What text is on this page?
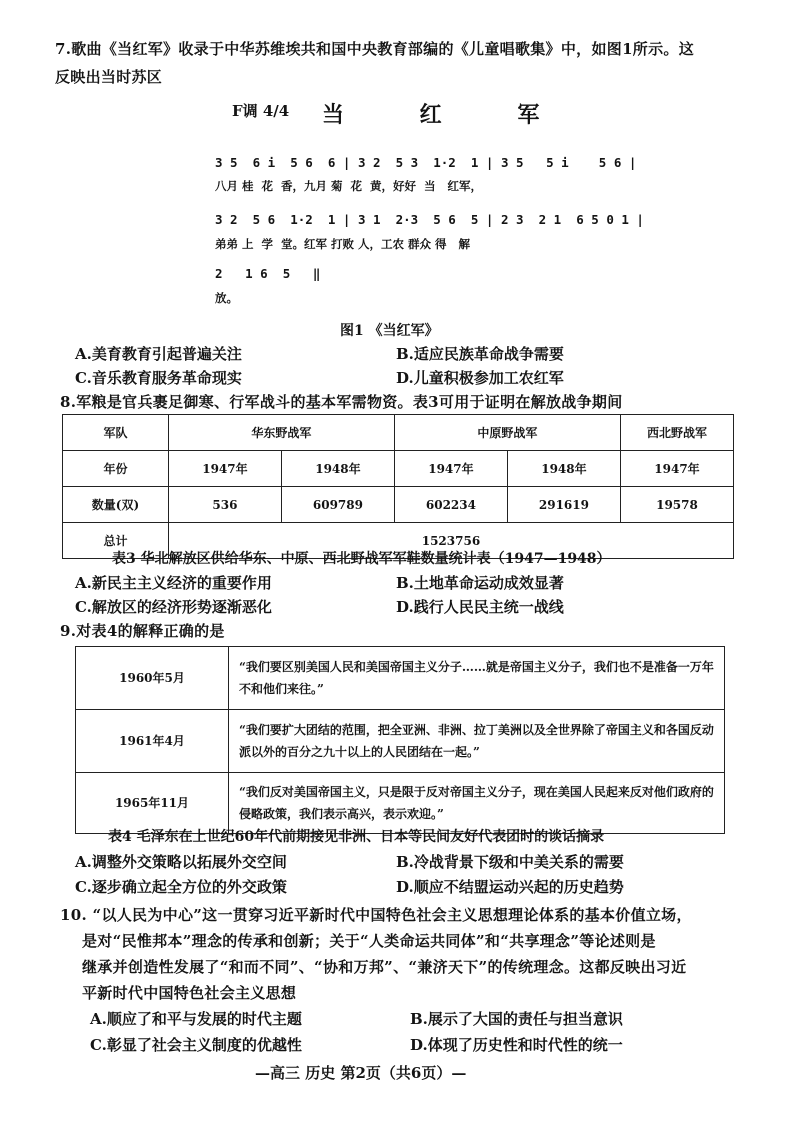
7.歌曲《当红军》收录于中华苏维埃共和国中央教育部编的《儿童唱歌集》中，如图1所示。这
反映出当时苏区
F调 4/4 当 红 军
3 5  6 i  5 6  6 | 3 2  5 3  1·2  1 | 3 5   5 i    5 6 |
八月 桂  花  香，九月 菊  花  黄，好好  当   红军，
3 2  5 6  1·2  1 | 3 1  2·3  5 6  5 | 2 3  2 1  6 5 0 1 |
弟弟 上  学  堂。红军 打败 人，工农 群众 得   解
2   1 6  5   ‖
放。
图1 《当红军》
A.美育教育引起普遍关注	B.适应民族革命战争需要
C.音乐教育服务革命现实	D.儿童积极参加工农红军
8.军粮是官兵裹足御寒、行军战斗的基本军需物资。表3可用于证明在解放战争期间
军队	华东野战军		中原野战军		西北野战军
年份	1947年	1948年	1947年	1948年	1947年
数量(双)	536	609789	602234	291619	19578
总计	1523756				
表3 华北解放区供给华东、中原、西北野战军军鞋数量统计表（1947—1948）
A.新民主主义经济的重要作用	B.土地革命运动成效显著
C.解放区的经济形势逐渐恶化	D.践行人民民主统一战线
9.对表4的解释正确的是
1960年5月	“我们要区别美国人民和美国帝国主义分子……就是帝国主义分子，我们也不是准备一万年不和他们来往。”
1961年4月	“我们要扩大团结的范围，把全亚洲、非洲、拉丁美洲以及全世界除了帝国主义和各国反动派以外的百分之九十以上的人民团结在一起。”
1965年11月	“我们反对美国帝国主义，只是限于反对帝国主义分子，现在美国人民起来反对他们政府的侵略政策，我们表示高兴，表示欢迎。”
表4 毛泽东在上世纪60年代前期接见非洲、日本等民间友好代表团时的谈话摘录
A.调整外交策略以拓展外交空间	B.冷战背景下级和中美关系的需要
C.逐步确立起全方位的外交政策	D.顺应不结盟运动兴起的历史趋势
10. “以人民为中心”这一贯穿习近平新时代中国特色社会主义思想理论体系的基本价值立场，
是对“民惟邦本”理念的传承和创新；关于“人类命运共同体”和“共享理念”等论述则是
继承并创造性发展了“和而不同”、“协和万邦”、“兼济天下”的传统理念。这都反映出习近
平新时代中国特色社会主义思想
A.顺应了和平与发展的时代主题	B.展示了大国的责任与担当意识
C.彰显了社会主义制度的优越性	D.体现了历史性和时代性的统一
—高三 历史 第2页（共6页）—
